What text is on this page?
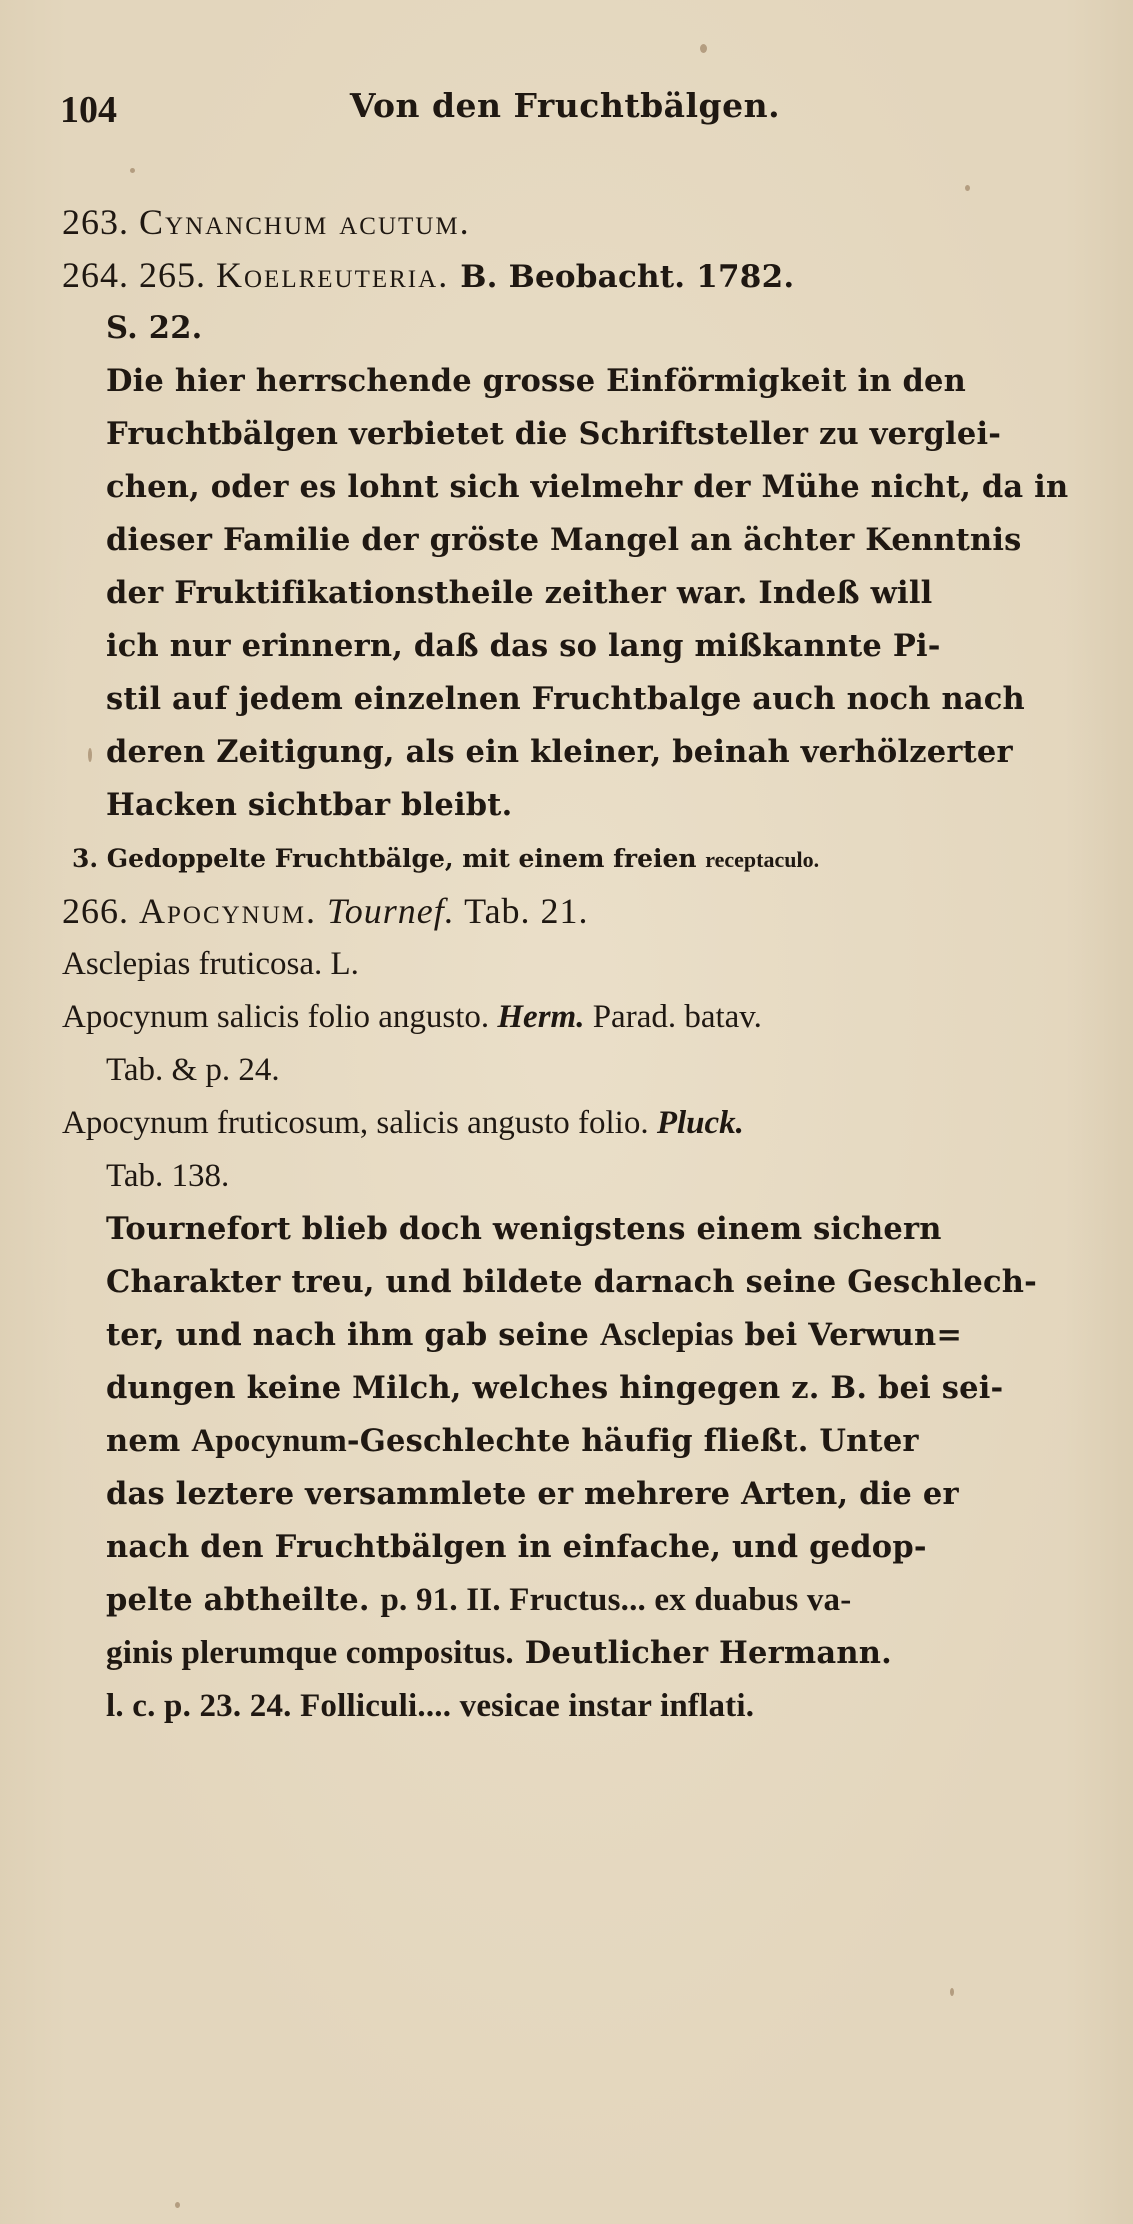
104	Von den Fruchtbälgen.
263. Cynanchum acutum.
264. 265. Koelreuteria. B. Beobacht. 1782.
S. 22.
Die hier herrschende grosse Einförmigkeit in den
Fruchtbälgen verbietet die Schriftsteller zu verglei-
chen, oder es lohnt sich vielmehr der Mühe nicht, da in
dieser Familie der gröste Mangel an ächter Kenntnis
der Fruktifikationstheile zeither war. Indeß will
ich nur erinnern, daß das so lang mißkannte Pi-
stil auf jedem einzelnen Fruchtbalge auch noch nach
deren Zeitigung, als ein kleiner, beinah verhölzerter
Hacken sichtbar bleibt.
3. Gedoppelte Fruchtbälge, mit einem freien receptaculo.
266. Apocynum. Tournef. Tab. 21.
Asclepias fruticosa. L.
Apocynum salicis folio angusto. Herm. Parad. batav.
Tab. & p. 24.
Apocynum fruticosum, salicis angusto folio. Pluck.
Tab. 138.
Tournefort blieb doch wenigstens einem sichern
Charakter treu, und bildete darnach seine Geschlech-
ter, und nach ihm gab seine Asclepias bei Verwun=
dungen keine Milch, welches hingegen z. B. bei sei-
nem Apocynum-Geschlechte häufig fließt. Unter
das leztere versammlete er mehrere Arten, die er
nach den Fruchtbälgen in einfache, und gedop-
pelte abtheilte. p. 91. II. Fructus... ex duabus va-
ginis plerumque compositus. Deutlicher Hermann.
l. c. p. 23. 24. Folliculi.... vesicae instar inflati.
